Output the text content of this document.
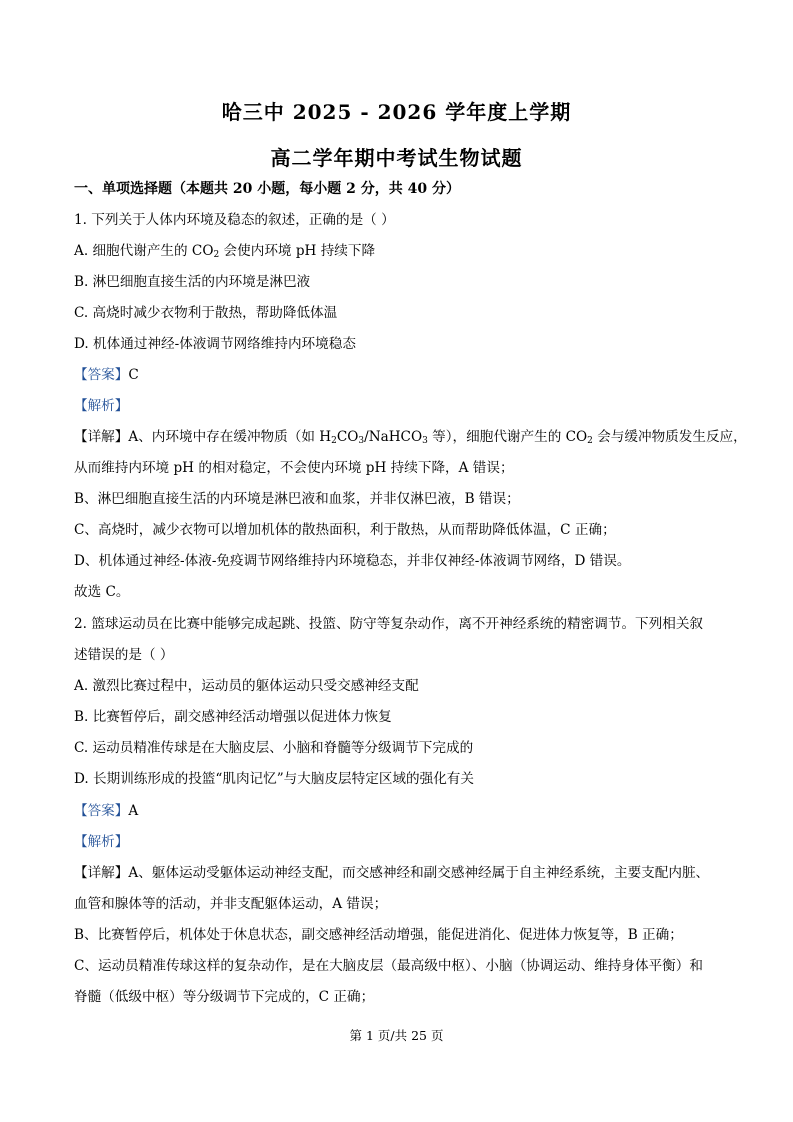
哈三中 2025 - 2026 学年度上学期
高二学年期中考试生物试题
一、单项选择题（本题共 20 小题，每小题 2 分，共 40 分）
1. 下列关于人体内环境及稳态的叙述，正确的是（ ）
A. 细胞代谢产生的 $CO_2$ 会使内环境 pH 持续下降
B. 淋巴细胞直接生活的内环境是淋巴液
C. 高烧时减少衣物利于散热，帮助降低体温
D. 机体通过神经-体液调节网络维持内环境稳态
【答案】C
【解析】
【详解】A、内环境中存在缓冲物质（如 $H_2CO_3/NaHCO_3$ 等），细胞代谢产生的 $CO_2$ 会与缓冲物质发生反应，
从而维持内环境 pH 的相对稳定，不会使内环境 pH 持续下降，A 错误；
B、淋巴细胞直接生活的内环境是淋巴液和血浆，并非仅淋巴液，B 错误；
C、高烧时，减少衣物可以增加机体的散热面积，利于散热，从而帮助降低体温，C 正确；
D、机体通过神经-体液-免疫调节网络维持内环境稳态，并非仅神经-体液调节网络，D 错误。
故选 C。
2. 篮球运动员在比赛中能够完成起跳、投篮、防守等复杂动作，离不开神经系统的精密调节。下列相关叙
述错误的是（ ）
A. 激烈比赛过程中，运动员的躯体运动只受交感神经支配
B. 比赛暂停后，副交感神经活动增强以促进体力恢复
C. 运动员精准传球是在大脑皮层、小脑和脊髓等分级调节下完成的
D. 长期训练形成的投篮“肌肉记忆”与大脑皮层特定区域的强化有关
【答案】A
【解析】
【详解】A、躯体运动受躯体运动神经支配，而交感神经和副交感神经属于自主神经系统，主要支配内脏、
血管和腺体等的活动，并非支配躯体运动，A 错误；
B、比赛暂停后，机体处于休息状态，副交感神经活动增强，能促进消化、促进体力恢复等，B 正确；
C、运动员精准传球这样的复杂动作，是在大脑皮层（最高级中枢）、小脑（协调运动、维持身体平衡）和
脊髓（低级中枢）等分级调节下完成的，C 正确；
第 1 页/共 25 页
